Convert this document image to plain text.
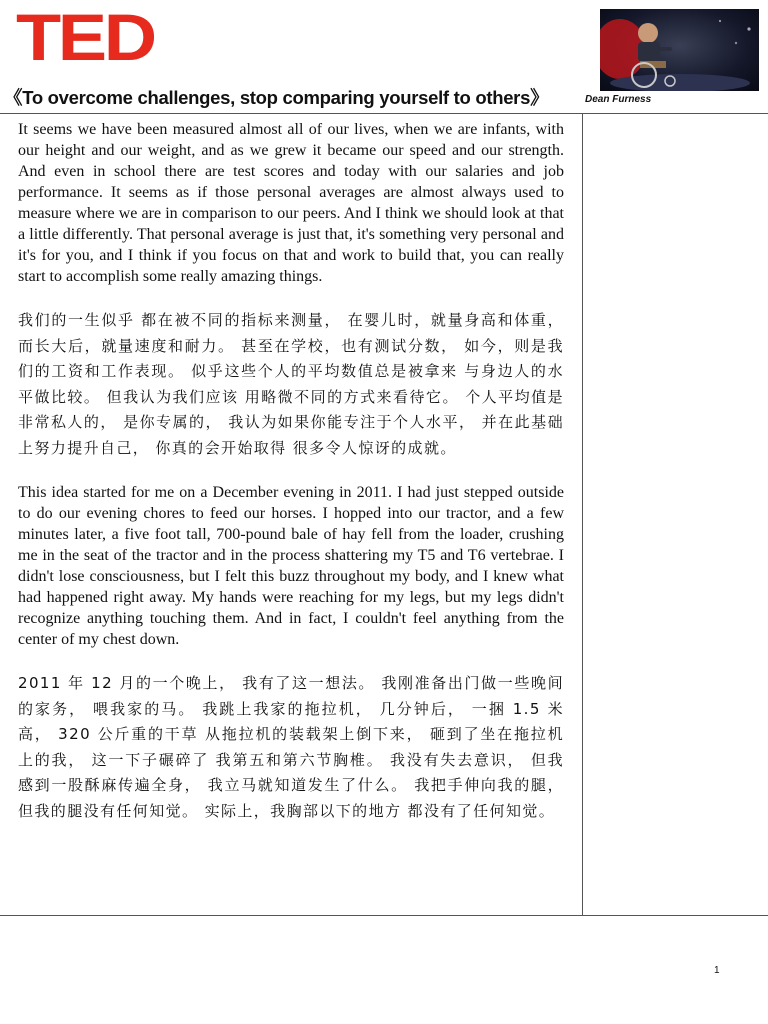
TED
《To overcome challenges, stop comparing yourself to others》	Dean Furness

It seems we have been measured almost all of our lives, when we are infants, with our height and our weight, and as we grew it became our speed and our strength. And even in school there are test scores and today with our salaries and job performance. It seems as if those personal averages are almost always used to measure where we are in comparison to our peers. And I think we should look at that a little differently. That personal average is just that, it's something very personal and it's for you, and I think if you focus on that and work to build that, you can really start to accomplish some really amazing things.

我们的一生似乎 都在被不同的指标来测量， 在婴儿时，就量身高和体重， 而长大后，就量速度和耐力。 甚至在学校，也有测试分数， 如今，则是我们的工资和工作表现。 似乎这些个人的平均数值总是被拿来 与身边人的水平做比较。 但我认为我们应该 用略微不同的方式来看待它。 个人平均值是非常私人的， 是你专属的， 我认为如果你能专注于个人水平， 并在此基础上努力提升自己， 你真的会开始取得 很多令人惊讶的成就。

This idea started for me on a December evening in 2011. I had just stepped outside to do our evening chores to feed our horses. I hopped into our tractor, and a few minutes later, a five foot tall, 700-pound bale of hay fell from the loader, crushing me in the seat of the tractor and in the process shattering my T5 and T6 vertebrae. I didn't lose consciousness, but I felt this buzz throughout my body, and I knew what had happened right away. My hands were reaching for my legs, but my legs didn't recognize anything touching them. And in fact, I couldn't feel anything from the center of my chest down.

2011 年 12 月的一个晚上， 我有了这一想法。 我刚准备出门做一些晚间的家务， 喂我家的马。 我跳上我家的拖拉机， 几分钟后， 一捆 1.5 米高， 320 公斤重的干草 从拖拉机的装载架上倒下来， 砸到了坐在拖拉机上的我， 这一下子碾碎了 我第五和第六节胸椎。 我没有失去意识， 但我感到一股酥麻传遍全身， 我立马就知道发生了什么。 我把手伸向我的腿， 但我的腿没有任何知觉。 实际上，我胸部以下的地方 都没有了任何知觉。

1
